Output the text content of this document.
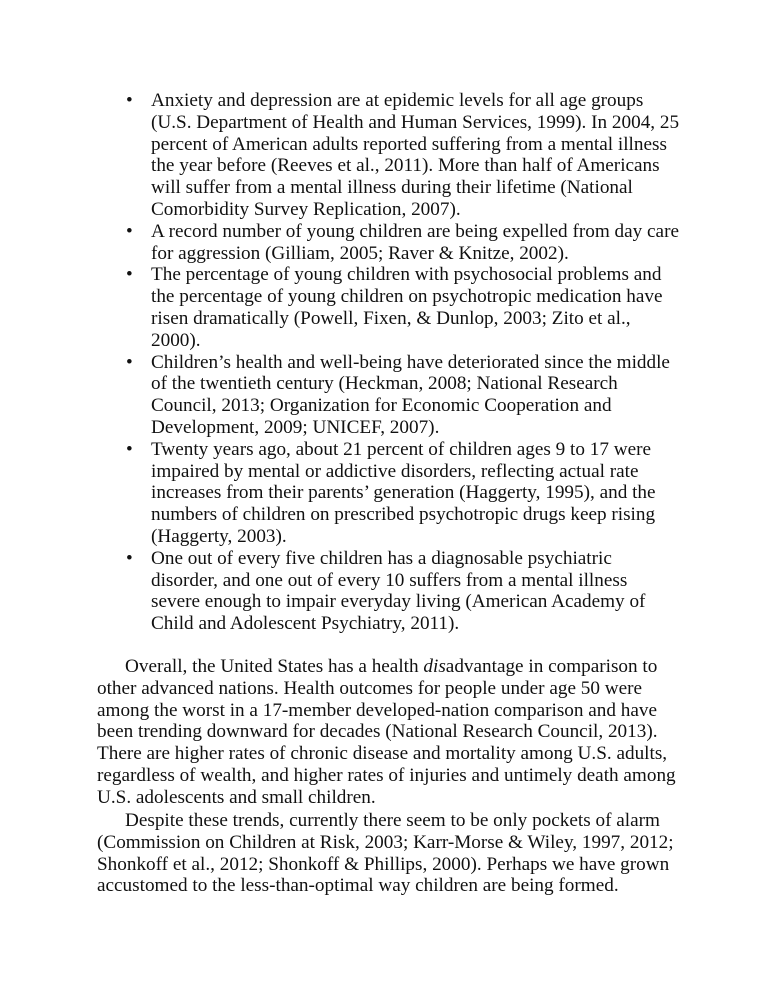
• Anxiety and depression are at epidemic levels for all age groups (U.S. Department of Health and Human Services, 1999). In 2004, 25 percent of American adults reported suffering from a mental illness the year before (Reeves et al., 2011). More than half of Americans will suffer from a mental illness during their lifetime (National Comorbidity Survey Replication, 2007).
• A record number of young children are being expelled from day care for aggression (Gilliam, 2005; Raver & Knitze, 2002).
• The percentage of young children with psychosocial problems and the percentage of young children on psychotropic medication have risen dramatically (Powell, Fixen, & Dunlop, 2003; Zito et al., 2000).
• Children’s health and well-being have deteriorated since the middle of the twentieth century (Heckman, 2008; National Research Council, 2013; Organization for Economic Cooperation and Development, 2009; UNICEF, 2007).
• Twenty years ago, about 21 percent of children ages 9 to 17 were impaired by mental or addictive disorders, reflecting actual rate increases from their parents’ generation (Haggerty, 1995), and the numbers of children on prescribed psychotropic drugs keep rising (Haggerty, 2003).
• One out of every five children has a diagnosable psychiatric disorder, and one out of every 10 suffers from a mental illness severe enough to impair everyday living (American Academy of Child and Adolescent Psychiatry, 2011).

Overall, the United States has a health disadvantage in comparison to other advanced nations. Health outcomes for people under age 50 were among the worst in a 17-member developed-nation comparison and have been trending downward for decades (National Research Council, 2013). There are higher rates of chronic disease and mortality among U.S. adults, regardless of wealth, and higher rates of injuries and untimely death among U.S. adolescents and small children.

Despite these trends, currently there seem to be only pockets of alarm (Commission on Children at Risk, 2003; Karr-Morse & Wiley, 1997, 2012; Shonkoff et al., 2012; Shonkoff & Phillips, 2000). Perhaps we have grown accustomed to the less-than-optimal way children are being formed.
